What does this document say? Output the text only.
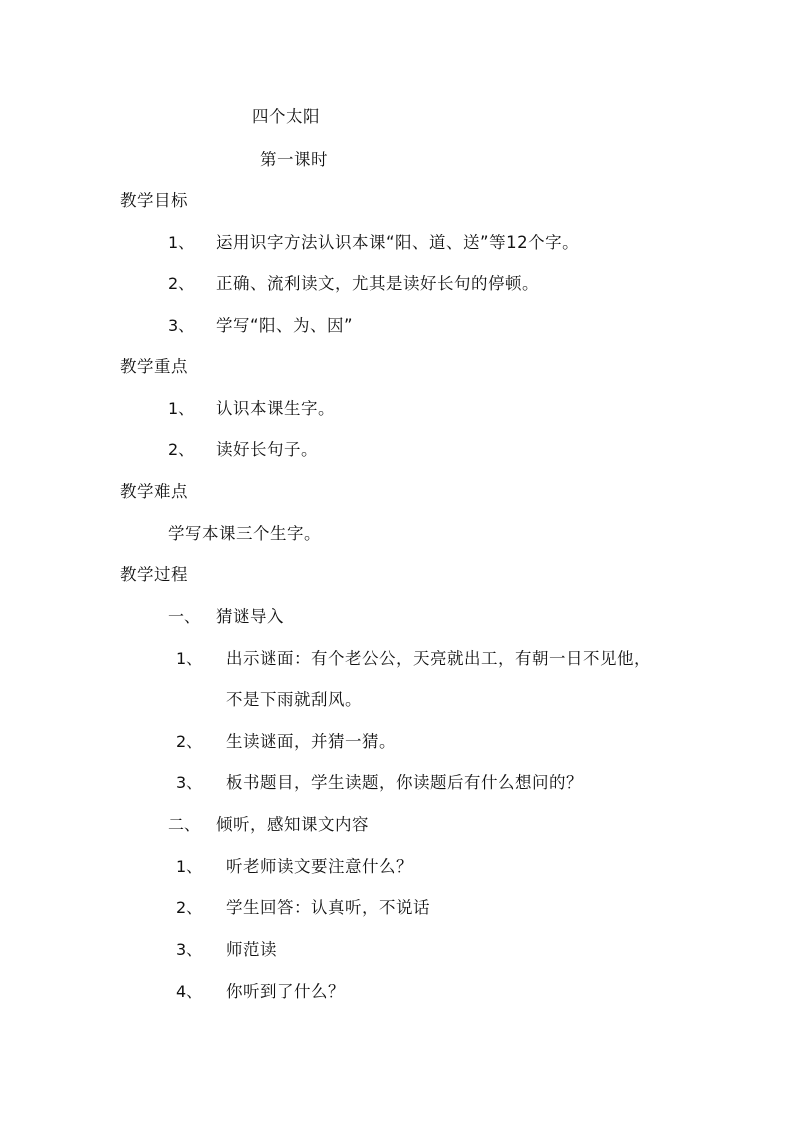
四个太阳
第一课时
教学目标
1、 运用识字方法认识本课“阳、道、送”等12个字。
2、 正确、流利读文，尤其是读好长句的停顿。
3、 学写“阳、为、因”
教学重点
1、 认识本课生字。
2、 读好长句子。
教学难点
学写本课三个生字。
教学过程
一、 猜谜导入
1、 出示谜面：有个老公公，天亮就出工，有朝一日不见他，
不是下雨就刮风。
2、 生读谜面，并猜一猜。
3、 板书题目，学生读题，你读题后有什么想问的？
二、 倾听，感知课文内容
1、 听老师读文要注意什么？
2、 学生回答：认真听，不说话
3、 师范读
4、 你听到了什么？
